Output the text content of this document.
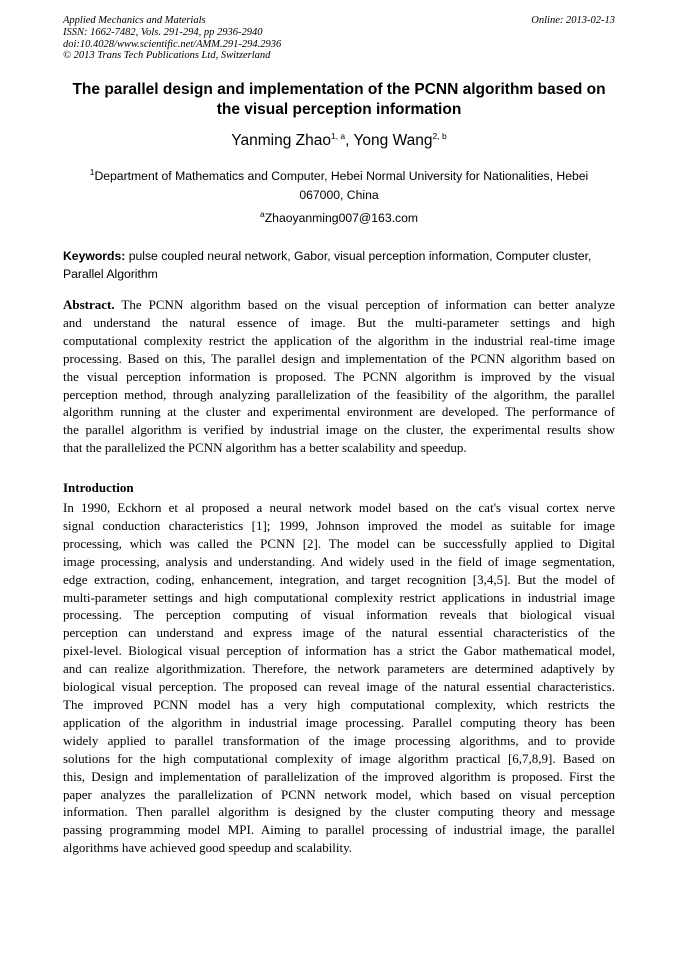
Applied Mechanics and Materials
ISSN: 1662-7482, Vols. 291-294, pp 2936-2940
doi:10.4028/www.scientific.net/AMM.291-294.2936
© 2013 Trans Tech Publications Ltd, Switzerland
Online: 2013-02-13
The parallel design and implementation of the PCNN algorithm based on
the visual perception information
Yanming Zhao$^{1, a}$, Yong Wang$^{2, b}$
$^1$Department of Mathematics and Computer, Hebei Normal University for Nationalities, Hebei
067000, China
$^a$Zhaoyanming007@163.com
Keywords: pulse coupled neural network, Gabor, visual perception information, Computer cluster,
Parallel Algorithm
Abstract. The PCNN algorithm based on the visual perception of information can better analyze
and understand the natural essence of image. But the multi-parameter settings and high
computational complexity restrict the application of the algorithm in the industrial real-time image
processing. Based on this, The parallel design and implementation of the PCNN algorithm based on
the visual perception information is proposed. The PCNN algorithm is improved by the visual
perception method, through analyzing parallelization of the feasibility of the algorithm, the parallel
algorithm running at the cluster and experimental environment are developed. The performance of
the parallel algorithm is verified by industrial image on the cluster, the experimental results show
that the parallelized the PCNN algorithm has a better scalability and speedup.
Introduction
In 1990, Eckhorn et al proposed a neural network model based on the cat's visual cortex nerve
signal conduction characteristics [1]; 1999, Johnson improved the model as suitable for image
processing, which was called the PCNN [2]. The model can be successfully applied to Digital
image processing, analysis and understanding. And widely used in the field of image segmentation,
edge extraction, coding, enhancement, integration, and target recognition [3,4,5]. But the model of
multi-parameter settings and high computational complexity restrict applications in industrial image
processing. The perception computing of visual information reveals that biological visual
perception can understand and express image of the natural essential characteristics of the
pixel-level. Biological visual perception of information has a strict the Gabor mathematical model,
and can realize algorithmization. Therefore, the network parameters are determined adaptively by
biological visual perception. The proposed can reveal image of the natural essential characteristics.
The improved PCNN model has a very high computational complexity, which restricts the
application of the algorithm in industrial image processing. Parallel computing theory has been
widely applied to parallel transformation of the image processing algorithms, and to provide
solutions for the high computational complexity of image algorithm practical [6,7,8,9]. Based on
this, Design and implementation of parallelization of the improved algorithm is proposed. First the
paper analyzes the parallelization of PCNN network model, which based on visual perception
information. Then parallel algorithm is designed by the cluster computing theory and message
passing programming model MPI. Aiming to parallel processing of industrial image, the parallel
algorithms have achieved good speedup and scalability.
